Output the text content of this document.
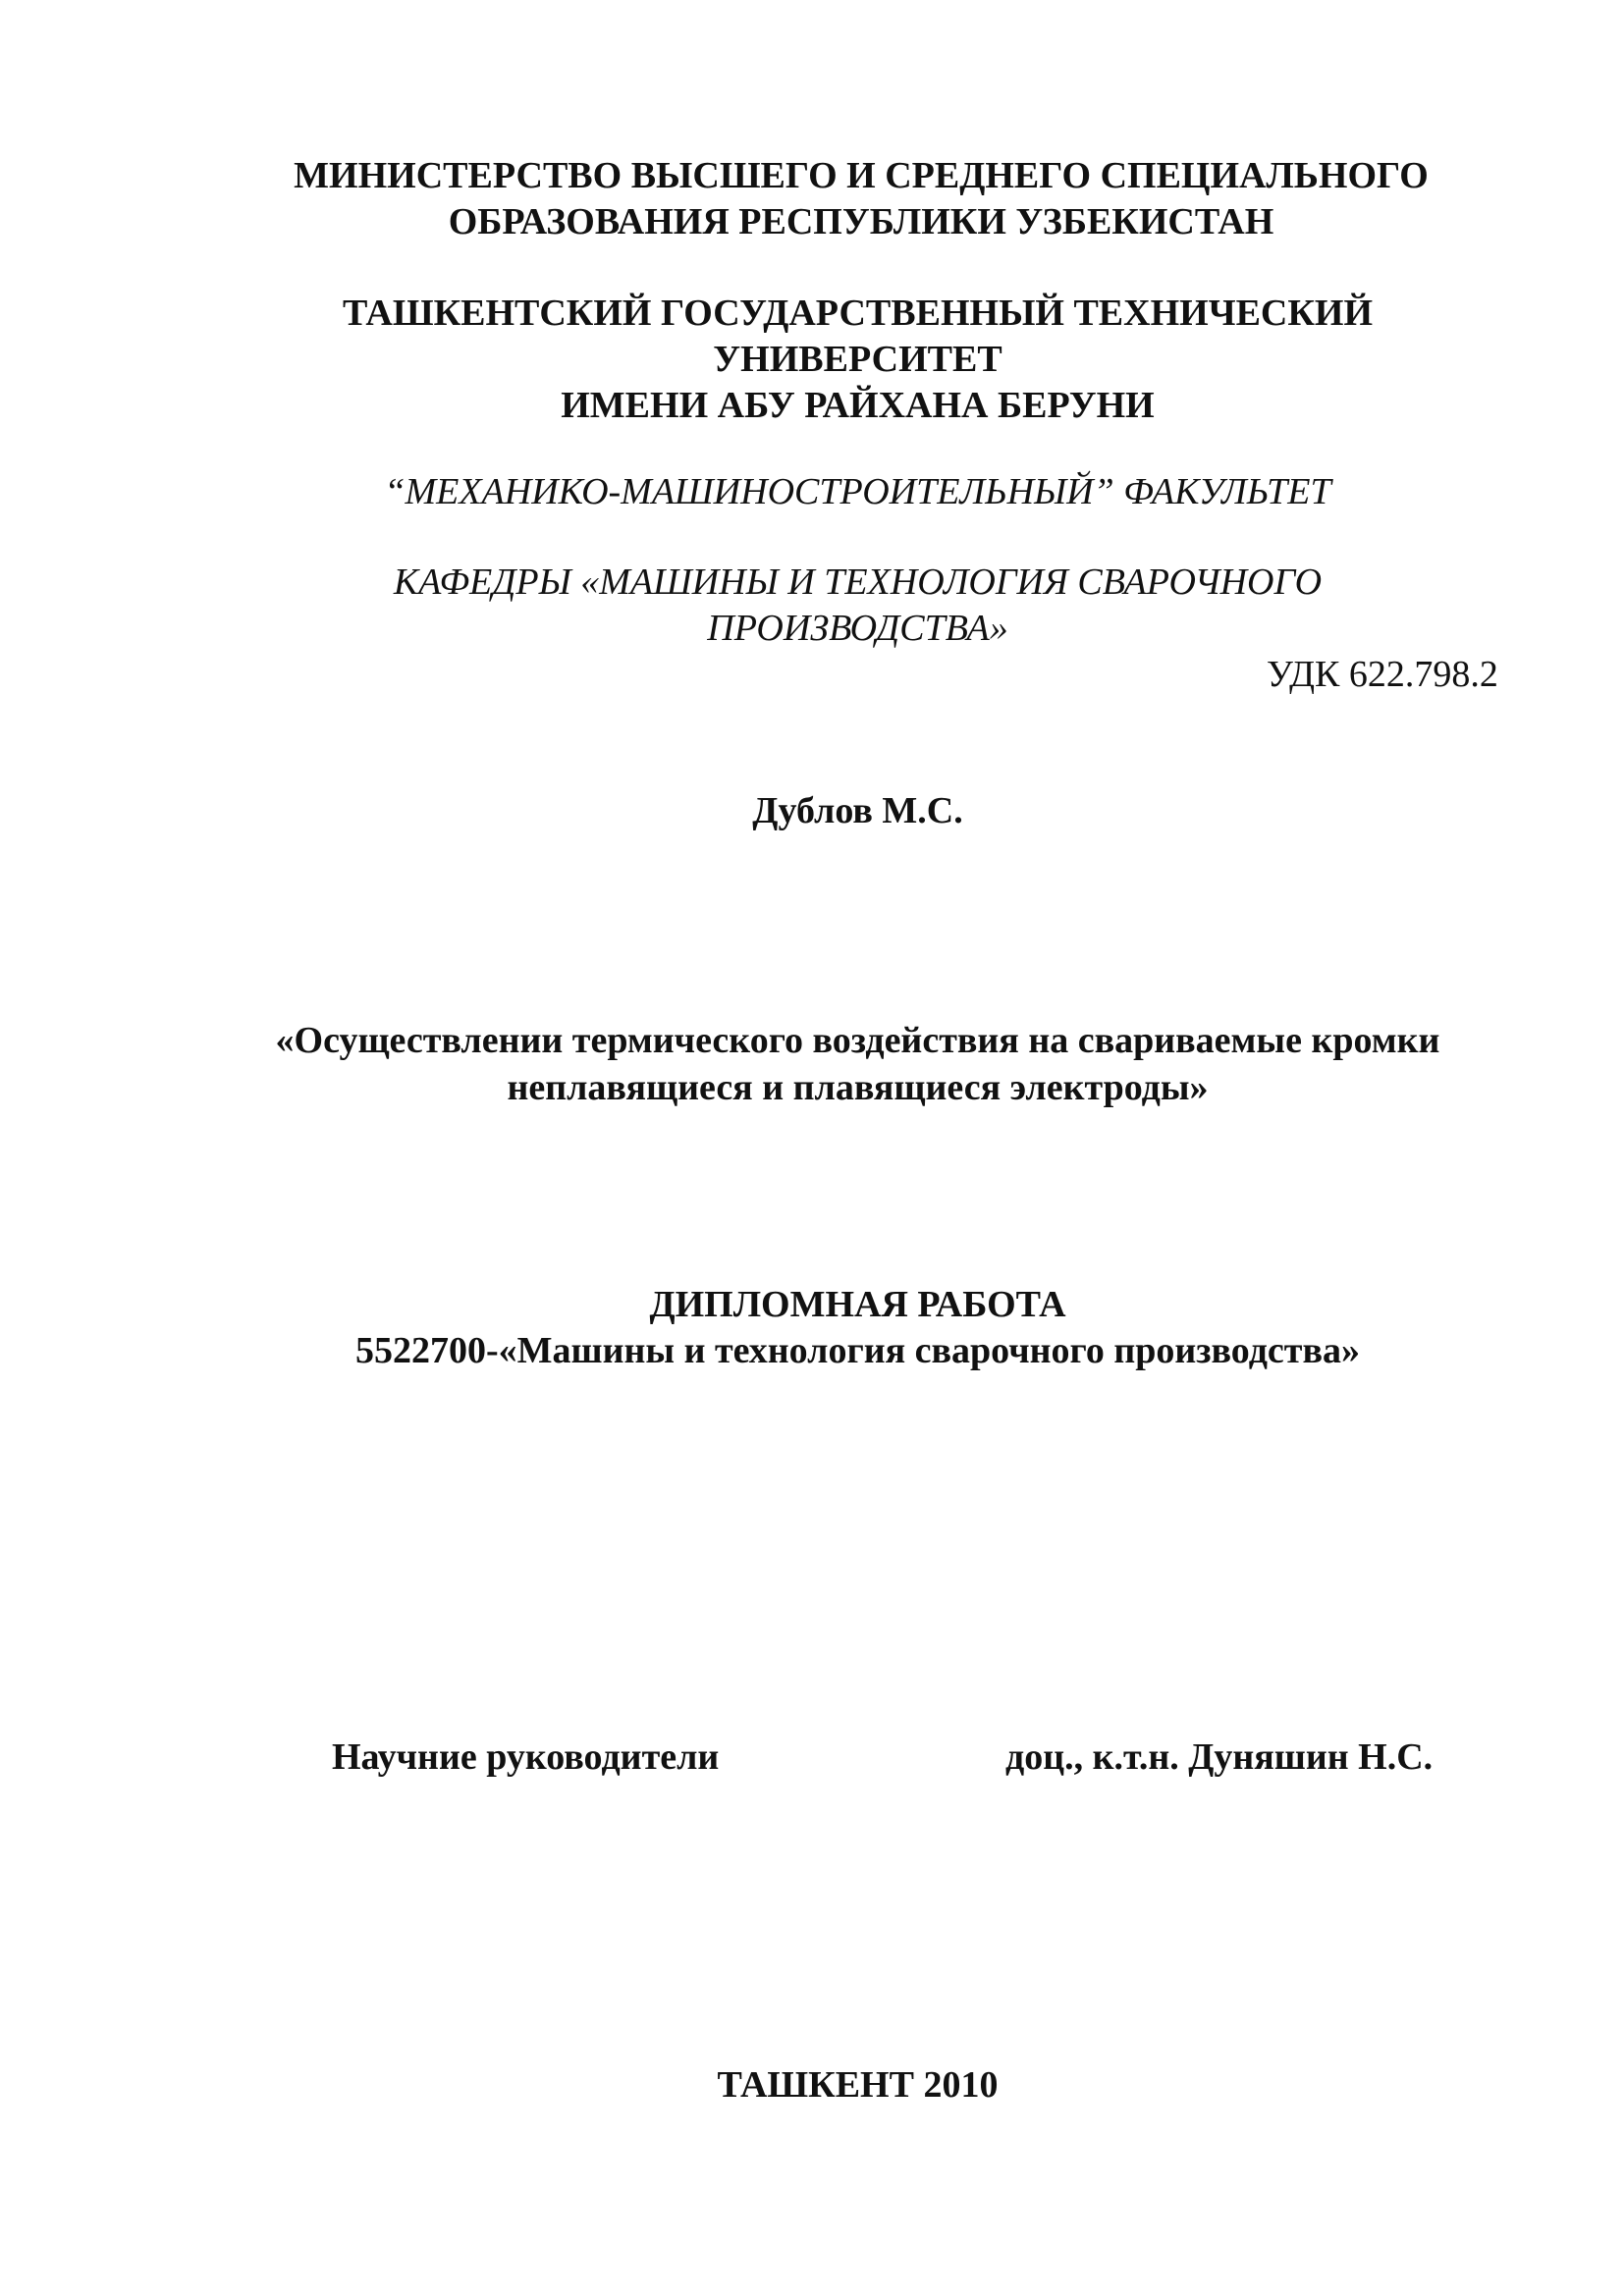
МИНИСТЕРСТВО ВЫСШЕГО И СРЕДНЕГО СПЕЦИАЛЬНОГО
ОБРАЗОВАНИЯ РЕСПУБЛИКИ УЗБЕКИСТАН
ТАШКЕНТСКИЙ ГОСУДАРСТВЕННЫЙ ТЕХНИЧЕСКИЙ
УНИВЕРСИТЕТ
ИМЕНИ АБУ РАЙХАНА БЕРУНИ
“МЕХАНИКО-МАШИНОСТРОИТЕЛЬНЫЙ” ФАКУЛЬТЕТ
КАФЕДРЫ «МАШИНЫ И ТЕХНОЛОГИЯ СВАРОЧНОГО
ПРОИЗВОДСТВА»
УДК 622.798.2
Дублов М.С.
«Осуществлении термического воздействия на свариваемые кромки
неплавящиеся и плавящиеся электроды»
ДИПЛОМНАЯ РАБОТА
5522700-«Машины и технология сварочного производства»
Научние руководители	доц., к.т.н. Дуняшин Н.С.
ТАШКЕНТ 2010
